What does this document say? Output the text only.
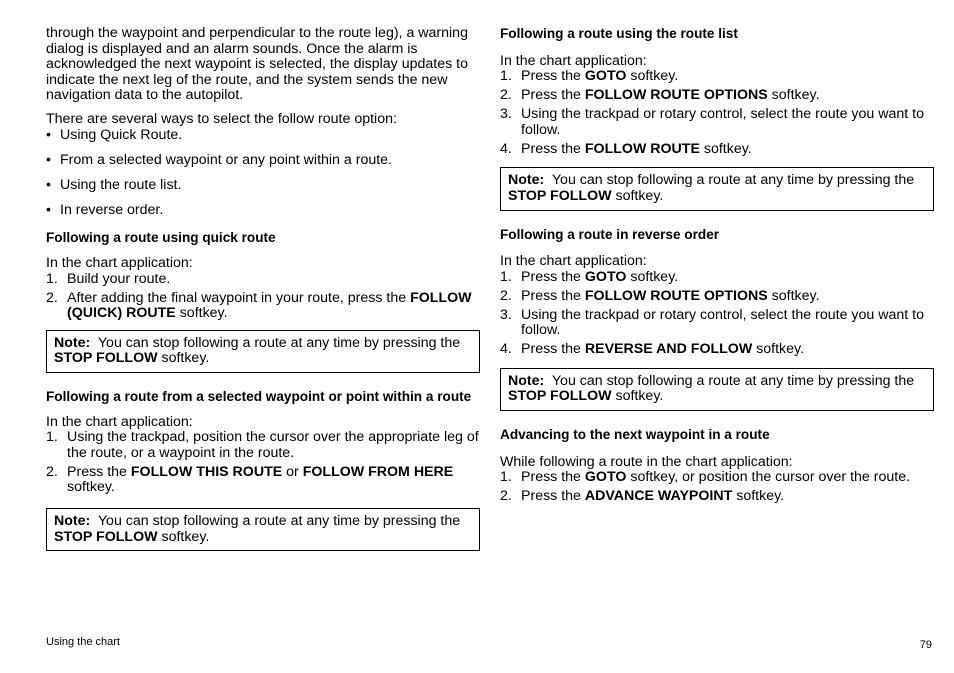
through the waypoint and perpendicular to the route leg), a warning dialog is displayed and an alarm sounds. Once the alarm is acknowledged the next waypoint is selected, the display updates to indicate the next leg of the route, and the system sends the new navigation data to the autopilot.

There are several ways to select the follow route option:

• Using Quick Route.
• From a selected waypoint or any point within a route.
• Using the route list.
• In reverse order.
Following a route using quick route

In the chart application:

1. Build your route.
2. After adding the final waypoint in your route, press the FOLLOW (QUICK) ROUTE softkey.
Note:  You can stop following a route at any time by pressing the STOP FOLLOW softkey.
Following a route from a selected waypoint or point within a route

In the chart application:

1. Using the trackpad, position the cursor over the appropriate leg of the route, or a waypoint in the route.
2. Press the FOLLOW THIS ROUTE or FOLLOW FROM HERE softkey.
Note:  You can stop following a route at any time by pressing the STOP FOLLOW softkey.
Following a route using the route list

In the chart application:

1. Press the GOTO softkey.
2. Press the FOLLOW ROUTE OPTIONS softkey.
3. Using the trackpad or rotary control, select the route you want to follow.
4. Press the FOLLOW ROUTE softkey.
Note:  You can stop following a route at any time by pressing the STOP FOLLOW softkey.
Following a route in reverse order

In the chart application:

1. Press the GOTO softkey.
2. Press the FOLLOW ROUTE OPTIONS softkey.
3. Using the trackpad or rotary control, select the route you want to follow.
4. Press the REVERSE AND FOLLOW softkey.
Note:  You can stop following a route at any time by pressing the STOP FOLLOW softkey.
Advancing to the next waypoint in a route

While following a route in the chart application:

1. Press the GOTO softkey, or position the cursor over the route.
2. Press the ADVANCE WAYPOINT softkey.
Using the chart	79
